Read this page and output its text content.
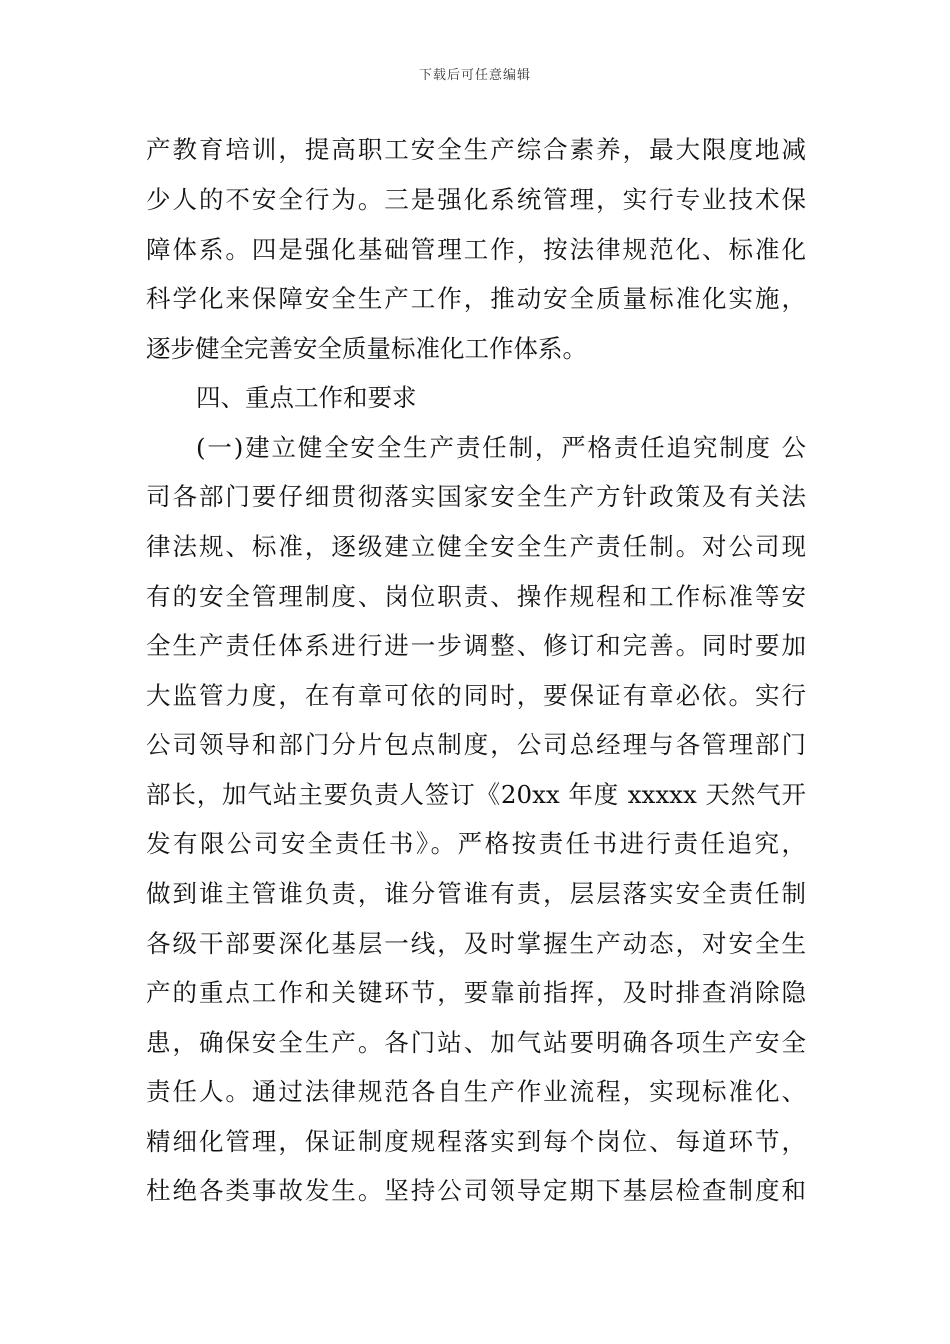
下载后可任意编辑
产教育培训，提高职工安全生产综合素养，最大限度地减
少人的不安全行为。三是强化系统管理，实行专业技术保
障体系。四是强化基础管理工作，按法律规范化、标准化
科学化来保障安全生产工作，推动安全质量标准化实施，
逐步健全完善安全质量标准化工作体系。
四、重点工作和要求
(一)建立健全安全生产责任制，严格责任追究制度 公
司各部门要仔细贯彻落实国家安全生产方针政策及有关法
律法规、标准，逐级建立健全安全生产责任制。对公司现
有的安全管理制度、岗位职责、操作规程和工作标准等安
全生产责任体系进行进一步调整、修订和完善。同时要加
大监管力度，在有章可依的同时，要保证有章必依。实行
公司领导和部门分片包点制度，公司总经理与各管理部门
部长，加气站主要负责人签订《20xx 年度 xxxxx 天然气开
发有限公司安全责任书》。严格按责任书进行责任追究，
做到谁主管谁负责，谁分管谁有责，层层落实安全责任制
各级干部要深化基层一线，及时掌握生产动态，对安全生
产的重点工作和关键环节，要靠前指挥，及时排查消除隐
患，确保安全生产。各门站、加气站要明确各项生产安全
责任人。通过法律规范各自生产作业流程，实现标准化、
精细化管理，保证制度规程落实到每个岗位、每道环节，
杜绝各类事故发生。坚持公司领导定期下基层检查制度和
